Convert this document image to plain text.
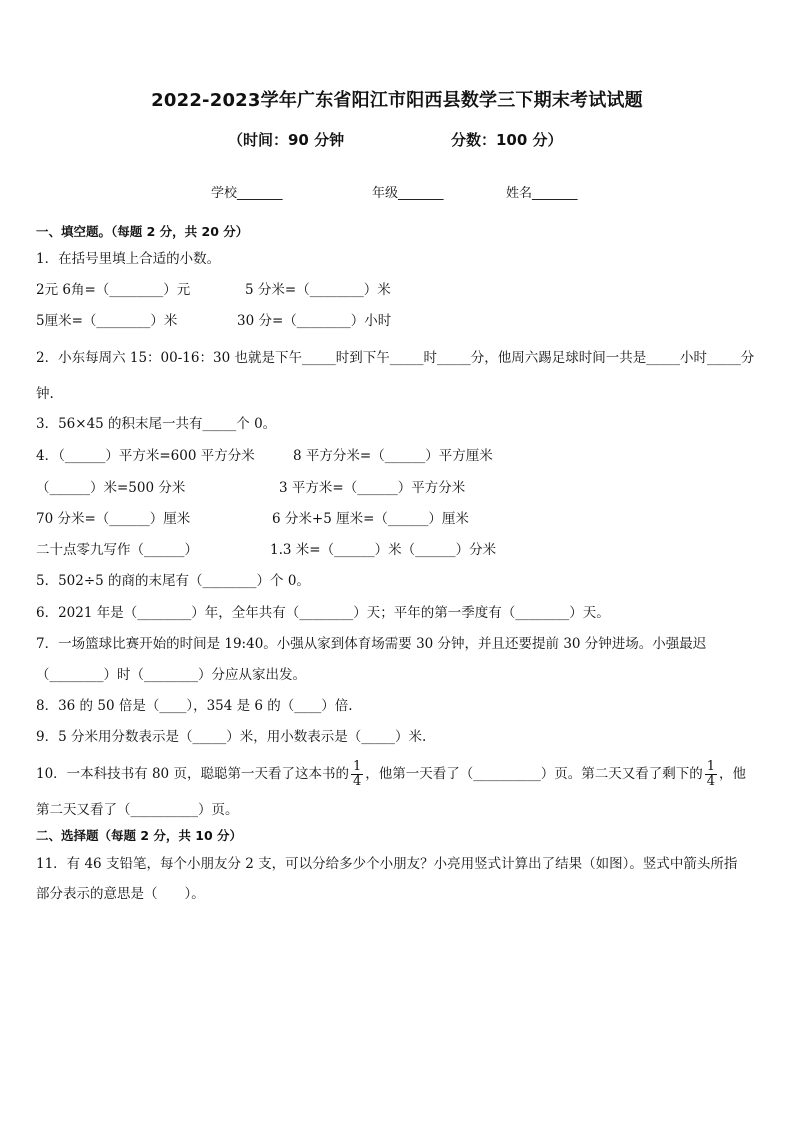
2022-2023学年广东省阳江市阳西县数学三下期末考试试题
（时间：90 分钟	分数：100 分）
学校_______	年级_______	姓名_______
一、填空题。（每题 2 分，共 20 分）
1．在括号里填上合适的小数。
2元 6角=（________）元	5 分米=（________）米
5厘米=（________）米	30 分=（________）小时
2．小东每周六 15：00-16：30 也就是下午_____时到下午_____时_____分，他周六踢足球时间一共是_____小时_____分
钟.
3．56×45 的积末尾一共有_____个 0。
4．（______）平方米=600 平方分米	8 平方分米=（______）平方厘米
（______）米=500 分米	3 平方米=（______）平方分米
70 分米=（______）厘米	6 分米+5 厘米=（______）厘米
二十点零九写作（______）	1.3 米=（______）米（______）分米
5．502÷5 的商的末尾有（________）个 0。
6．2021 年是（________）年，全年共有（________）天；平年的第一季度有（________）天。
7．一场篮球比赛开始的时间是 19:40。小强从家到体育场需要 30 分钟，并且还要提前 30 分钟进场。小强最迟
（________）时（________）分应从家出发。
8．36 的 50 倍是（____），354 是 6 的（____）倍.
9．5 分米用分数表示是（_____）米，用小数表示是（_____）米.
10．一本科技书有 80 页，聪聪第一天看了这本书的 $\frac{1}{4}$ ，他第一天看了（__________）页。第二天又看了剩下的 $\frac{1}{4}$ ，他
第二天又看了（__________）页。
二、选择题（每题 2 分，共 10 分）
11．有 46 支铅笔，每个小朋友分 2 支，可以分给多少个小朋友？小亮用竖式计算出了结果（如图）。竖式中箭头所指
部分表示的意思是（　　）。
